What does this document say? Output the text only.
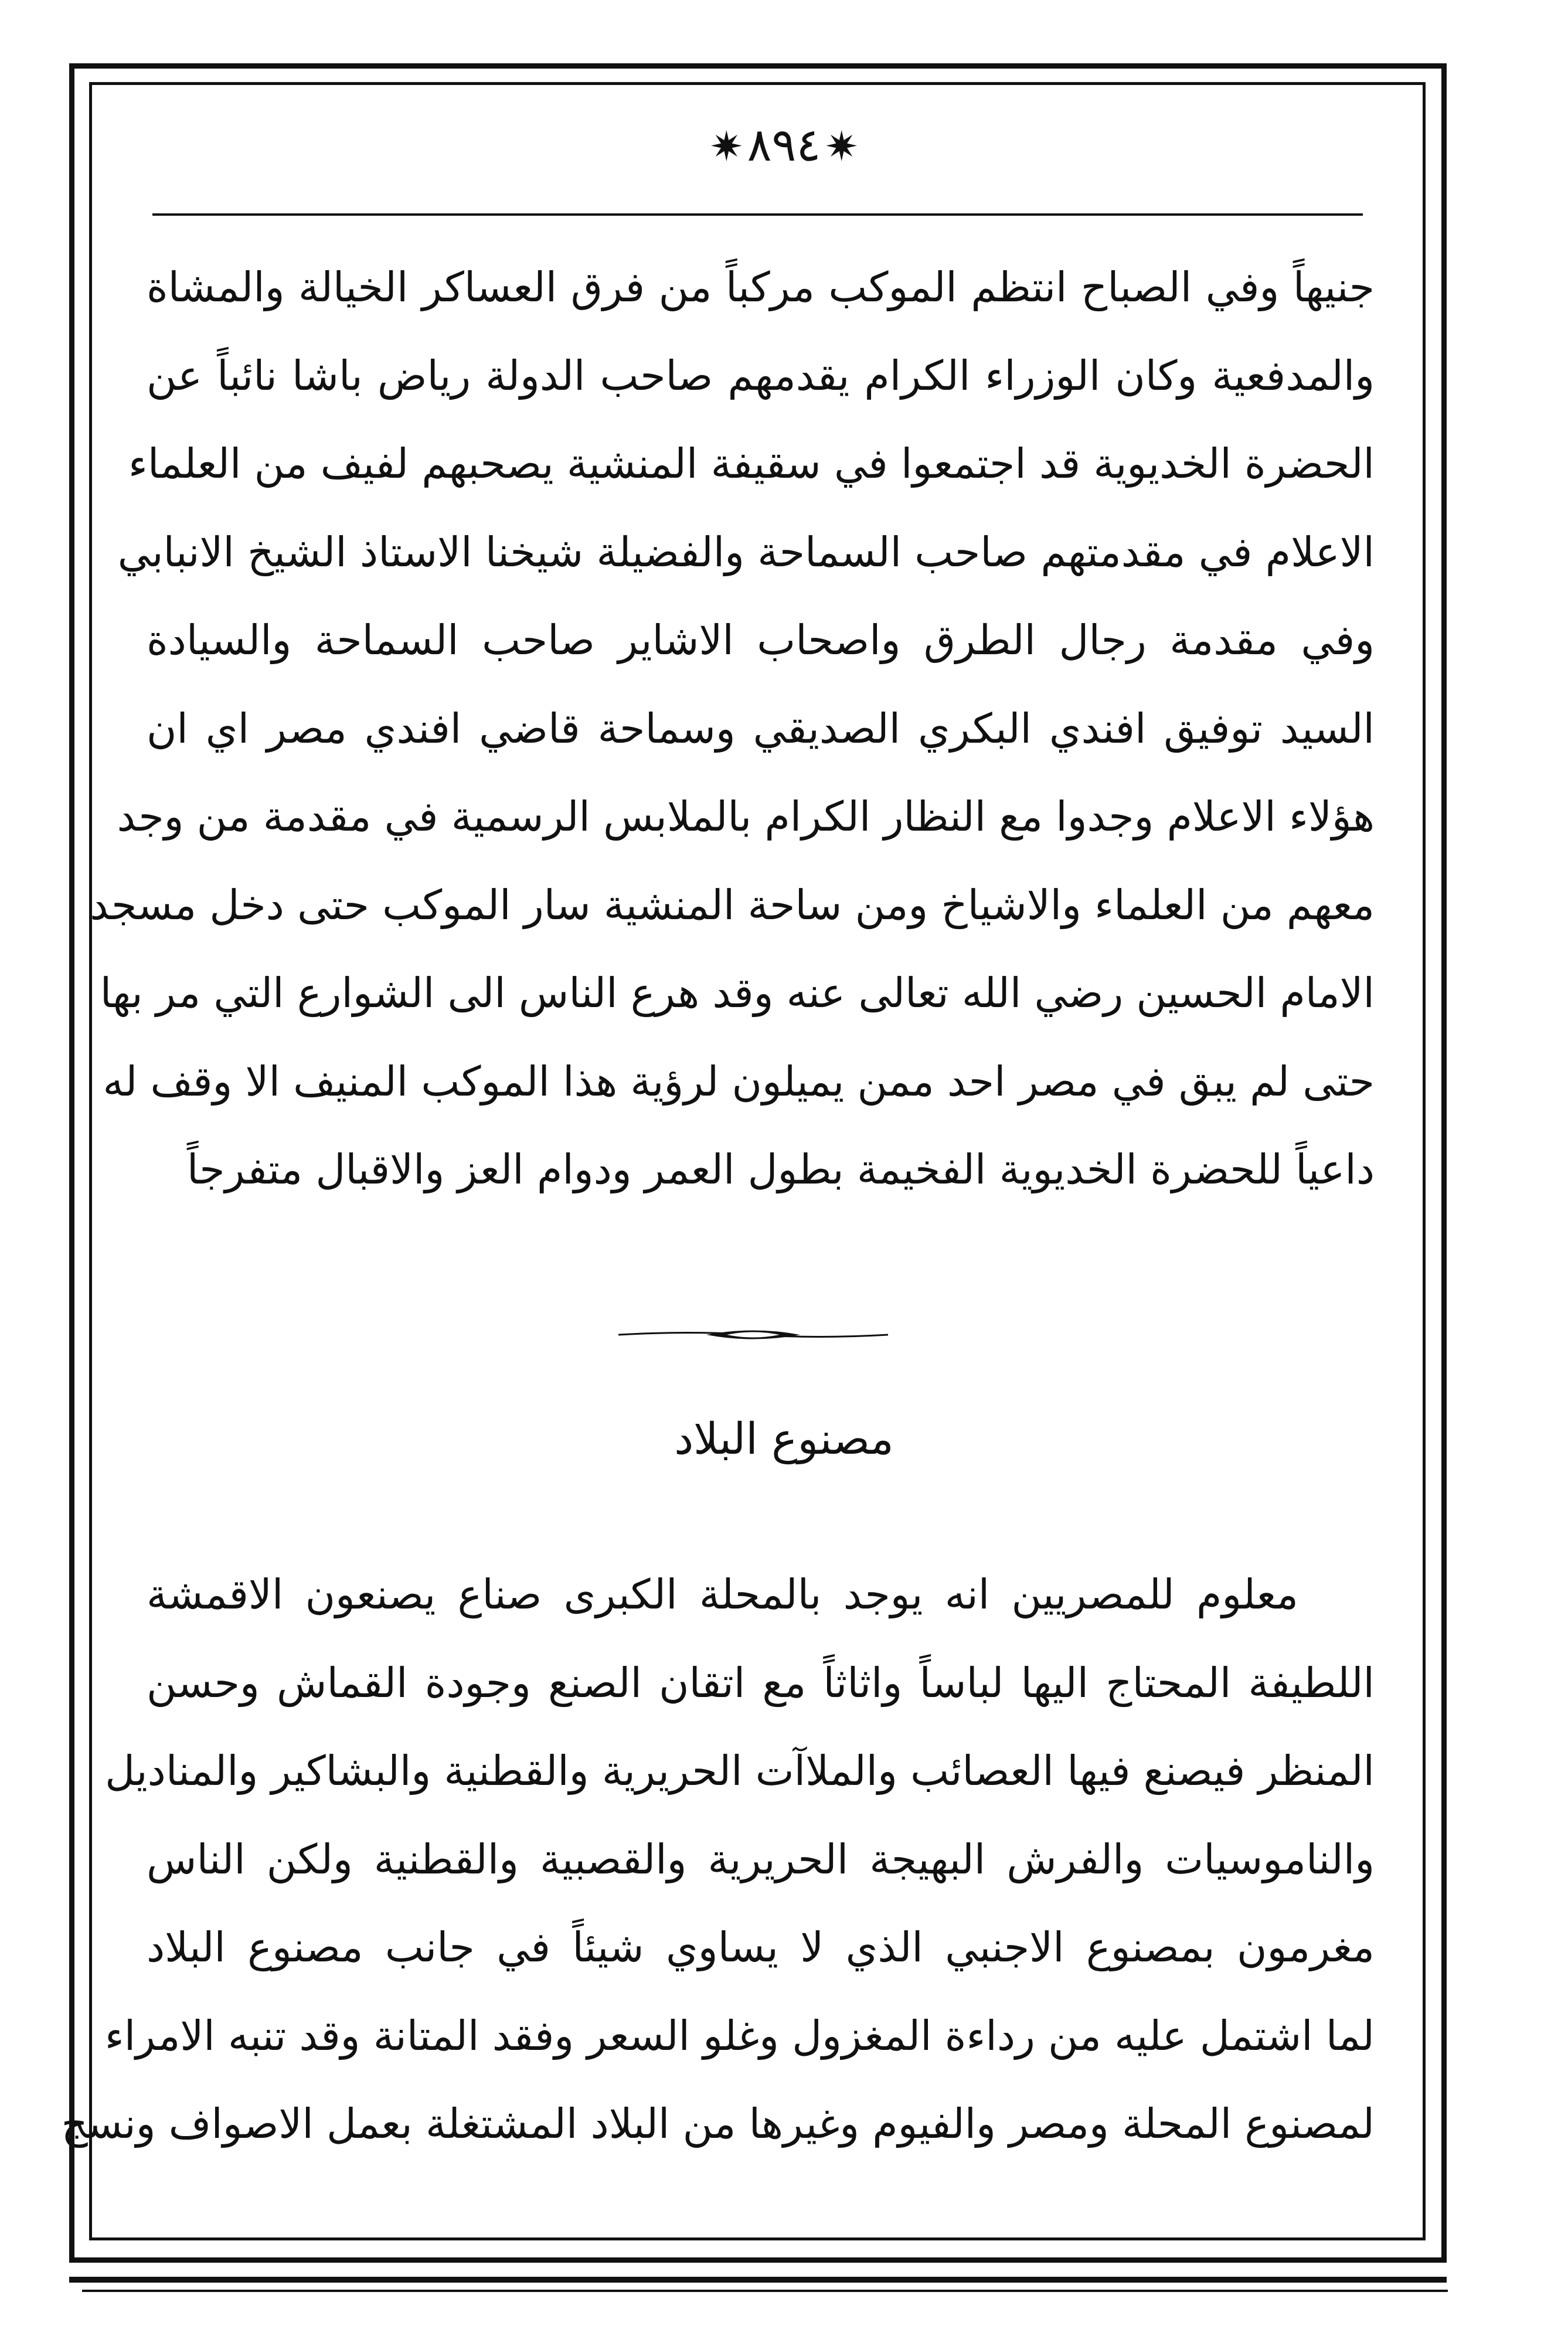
✷٨٩٤✷
جنيهاً وفي الصباح انتظم الموكب مركباً من فرق العساكر الخيالة والمشاة
والمدفعية وكان الوزراء الكرام يقدمهم صاحب الدولة رياض باشا نائباً عن
الحضرة الخديوية قد اجتمعوا في سقيفة المنشية يصحبهم لفيف من العلماء
الاعلام في مقدمتهم صاحب السماحة والفضيلة شيخنا الاستاذ الشيخ الانبابي
وفي مقدمة رجال الطرق واصحاب الاشاير صاحب السماحة والسيادة
السيد توفيق افندي البكري الصديقي وسماحة قاضي افندي مصر اي ان
هؤلاء الاعلام وجدوا مع النظار الكرام بالملابس الرسمية في مقدمة من وجد
معهم من العلماء والاشياخ ومن ساحة المنشية سار الموكب حتى دخل مسجد
الامام الحسين رضي الله تعالى عنه وقد هرع الناس الى الشوارع التي مر بها
حتى لم يبق في مصر احد ممن يميلون لرؤية هذا الموكب المنيف الا وقف له
داعياً للحضرة الخديوية الفخيمة بطول العمر ودوام العز والاقبال متفرجاً
مصنوع البلاد
معلوم للمصريين انه يوجد بالمحلة الكبرى صناع يصنعون الاقمشة
اللطيفة المحتاج اليها لباساً واثاثاً مع اتقان الصنع وجودة القماش وحسن
المنظر فيصنع فيها العصائب والملاآت الحريرية والقطنية والبشاكير والمناديل
والناموسيات والفرش البهيجة الحريرية والقصبية والقطنية ولكن الناس
مغرمون بمصنوع الاجنبي الذي لا يساوي شيئاً في جانب مصنوع البلاد
لما اشتمل عليه من رداءة المغزول وغلو السعر وفقد المتانة وقد تنبه الامراء
لمصنوع المحلة ومصر والفيوم وغيرها من البلاد المشتغلة بعمل الاصواف ونسج
